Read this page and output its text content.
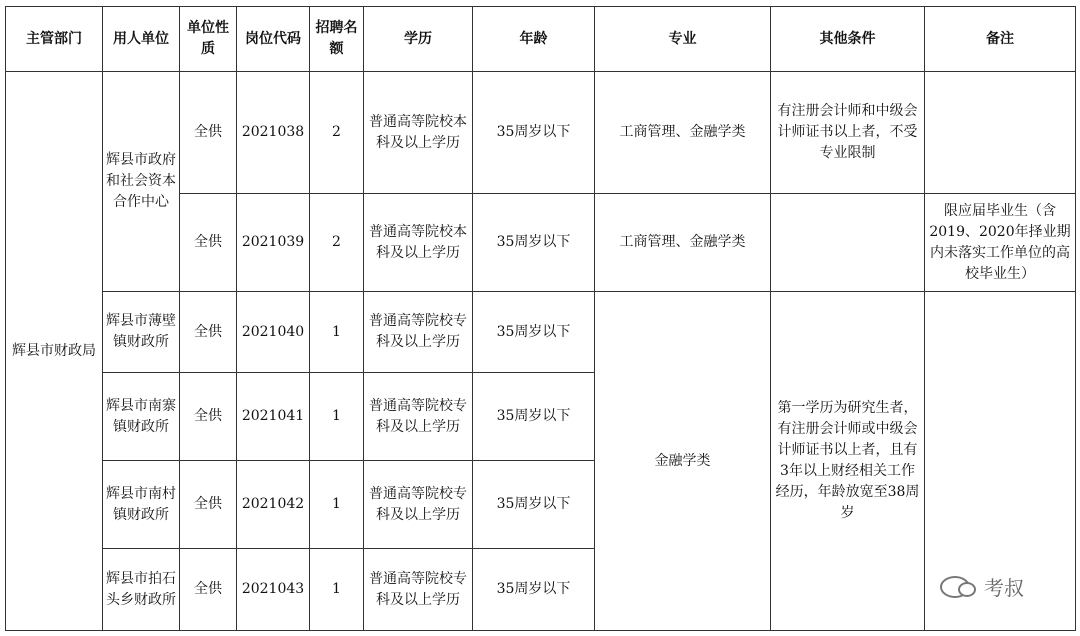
主管部门	用人单位	单位性质	岗位代码	招聘名额	学历	年龄	专业	其他条件	备注
辉县市财政局	辉县市政府和社会资本合作中心	全供	2021038	2	普通高等院校本科及以上学历	35周岁以下	工商管理、金融学类	有注册会计师和中级会计师证书以上者，不受专业限制	
		全供	2021039	2	普通高等院校本科及以上学历	35周岁以下	工商管理、金融学类		限应届毕业生（含2019、2020年择业期内未落实工作单位的高校毕业生）
	辉县市薄壁镇财政所	全供	2021040	1	普通高等院校专科及以上学历	35周岁以下	金融学类	第一学历为研究生者，有注册会计师或中级会计师证书以上者，且有3年以上财经相关工作经历，年龄放宽至38周岁	
	辉县市南寨镇财政所	全供	2021041	1	普通高等院校专科及以上学历	35周岁以下			
	辉县市南村镇财政所	全供	2021042	1	普通高等院校专科及以上学历	35周岁以下			
	辉县市拍石头乡财政所	全供	2021043	1	普通高等院校专科及以上学历	35周岁以下				考叔
